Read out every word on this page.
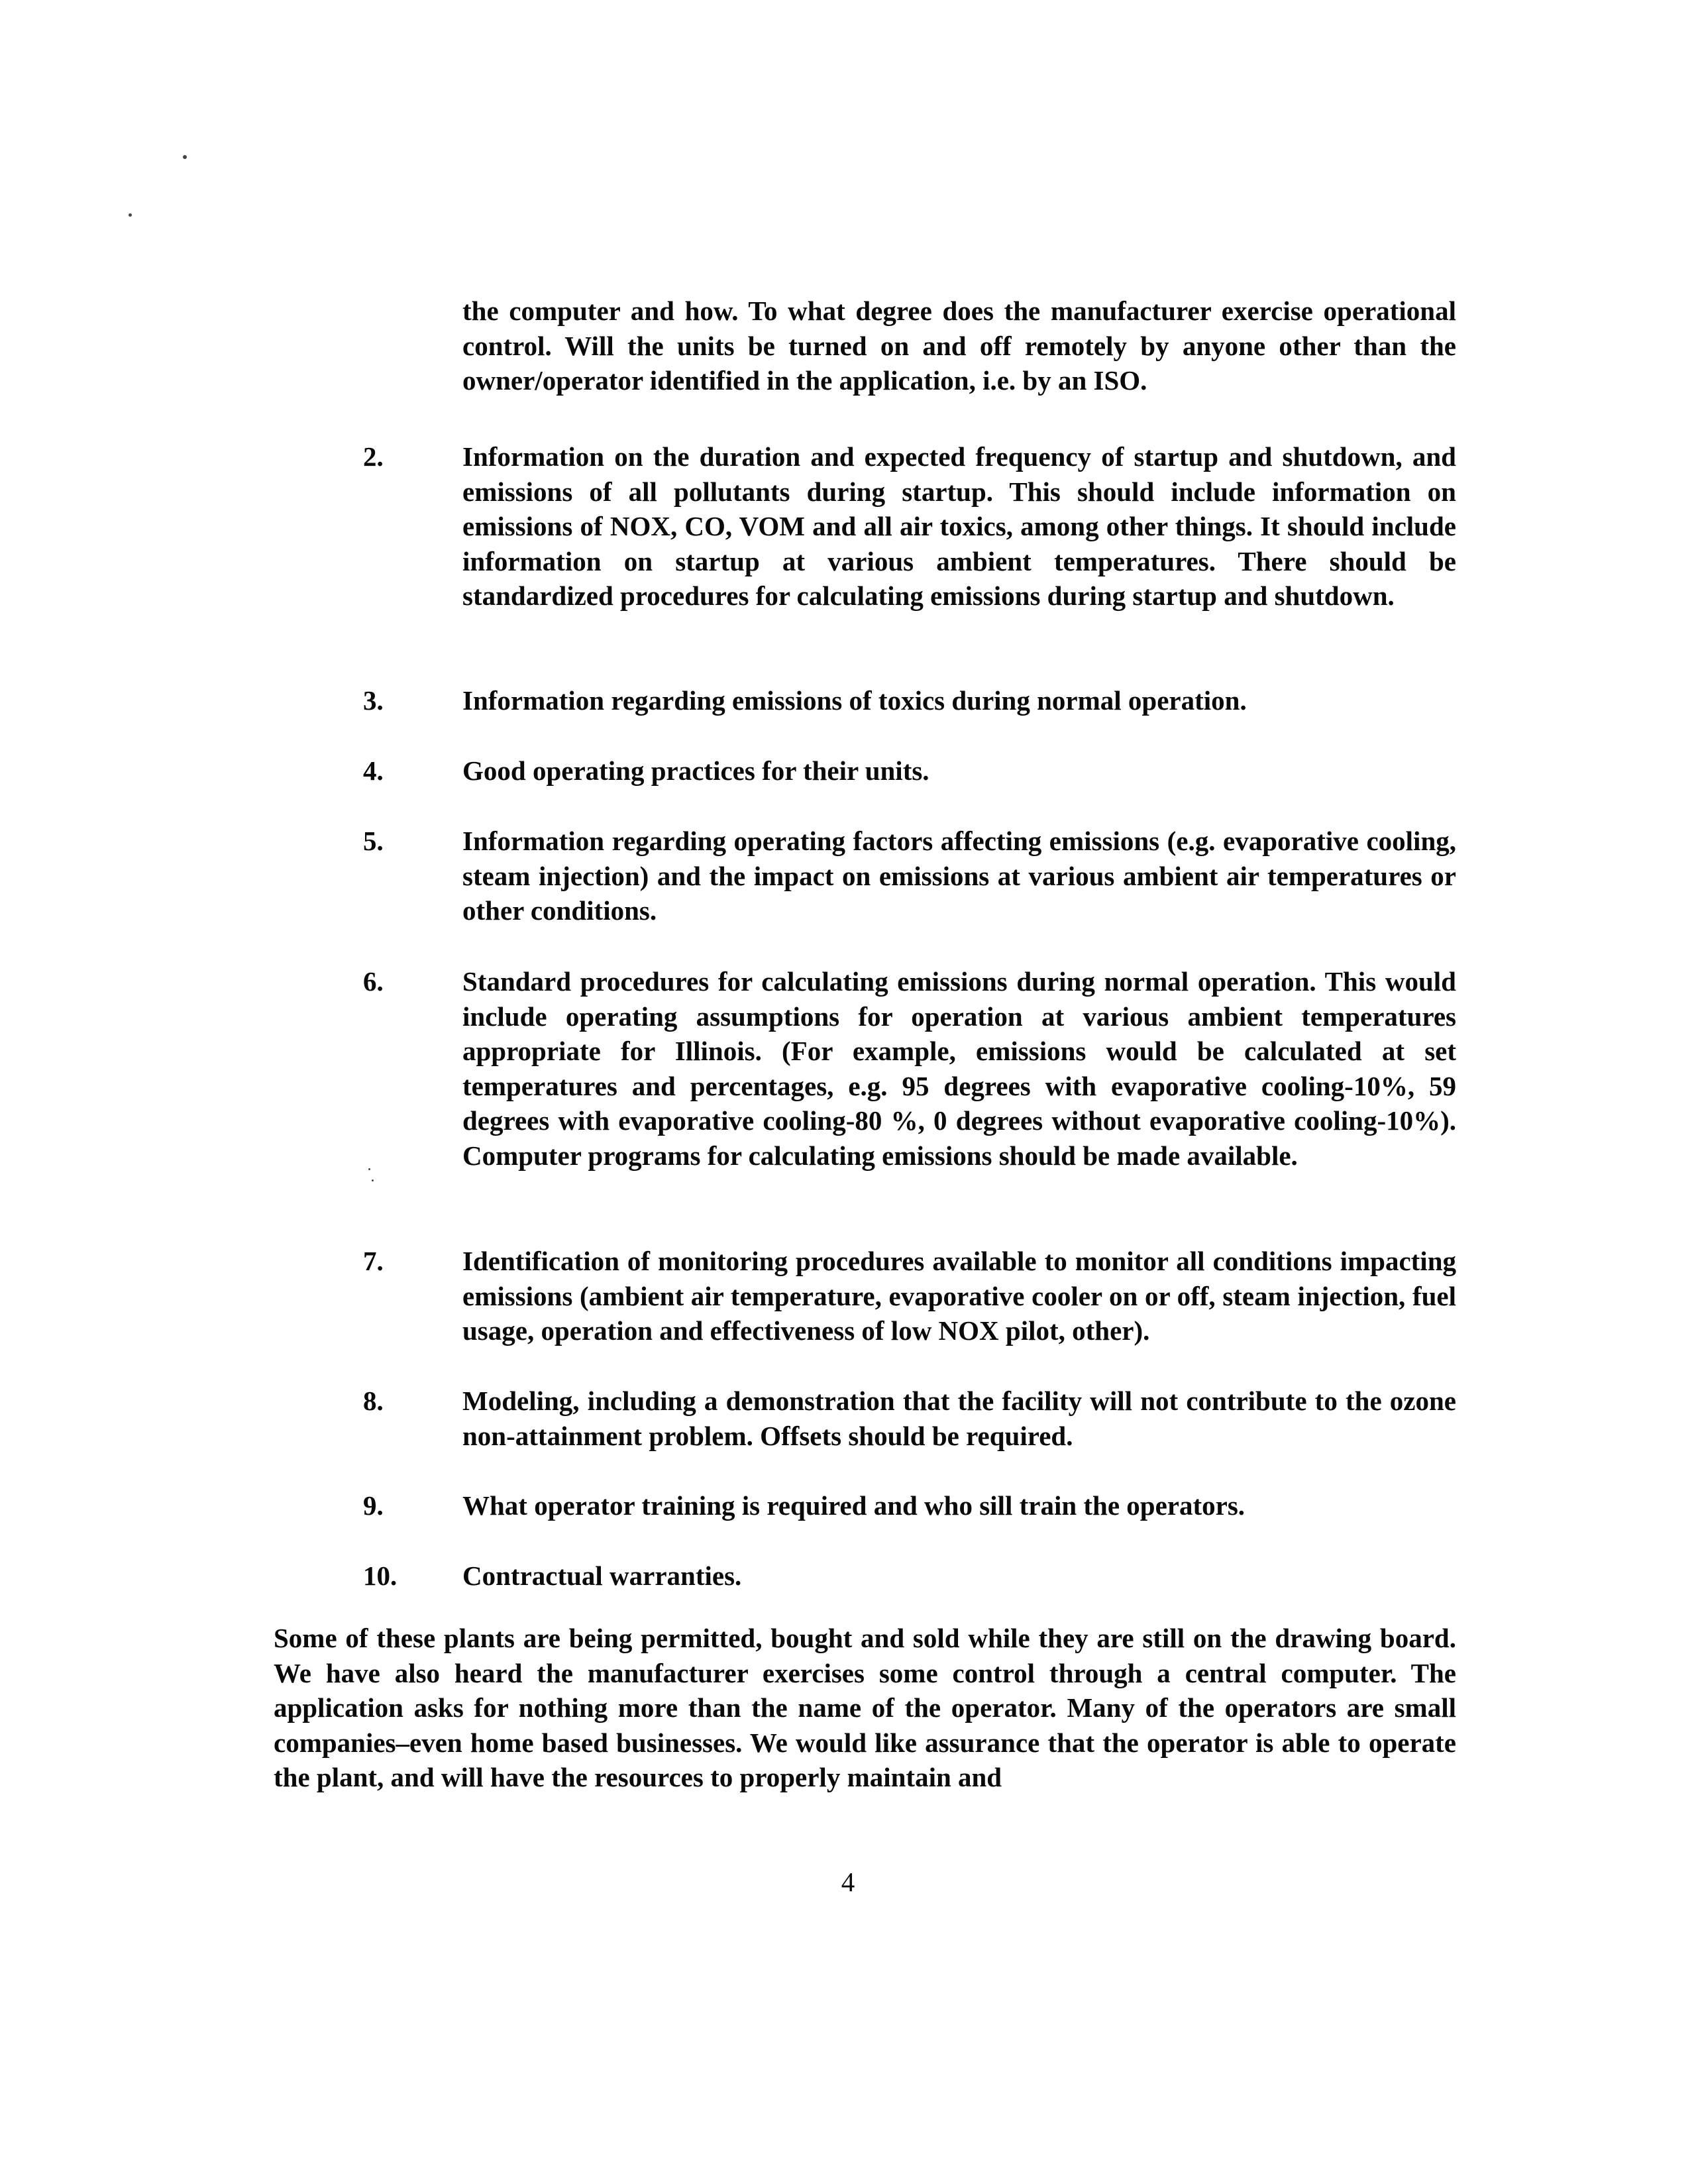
the computer and how. To what degree does the manufacturer exercise operational control. Will the units be turned on and off remotely by anyone other than the owner/operator identified in the application, i.e. by an ISO.

2.	Information on the duration and expected frequency of startup and shutdown, and emissions of all pollutants during startup. This should include information on emissions of NOX, CO, VOM and all air toxics, among other things. It should include information on startup at various ambient temperatures. There should be standardized procedures for calculating emissions during startup and shutdown.

3.	Information regarding emissions of toxics during normal operation.

4.	Good operating practices for their units.

5.	Information regarding operating factors affecting emissions (e.g. evaporative cooling, steam injection) and the impact on emissions at various ambient air temperatures or other conditions.

6.	Standard procedures for calculating emissions during normal operation. This would include operating assumptions for operation at various ambient temperatures appropriate for Illinois. (For example, emissions would be calculated at set temperatures and percentages, e.g. 95 degrees with evaporative cooling-10%, 59 degrees with evaporative cooling-80 %, 0 degrees without evaporative cooling-10%). Computer programs for calculating emissions should be made available.

7.	Identification of monitoring procedures available to monitor all conditions impacting emissions (ambient air temperature, evaporative cooler on or off, steam injection, fuel usage, operation and effectiveness of low NOX pilot, other).

8.	Modeling, including a demonstration that the facility will not contribute to the ozone non-attainment problem. Offsets should be required.

9.	What operator training is required and who sill train the operators.

10. Contractual warranties.

Some of these plants are being permitted, bought and sold while they are still on the drawing board. We have also heard the manufacturer exercises some control through a central computer. The application asks for nothing more than the name of the operator. Many of the operators are small companies–even home based businesses. We would like assurance that the operator is able to operate the plant, and will have the resources to properly maintain and

4
